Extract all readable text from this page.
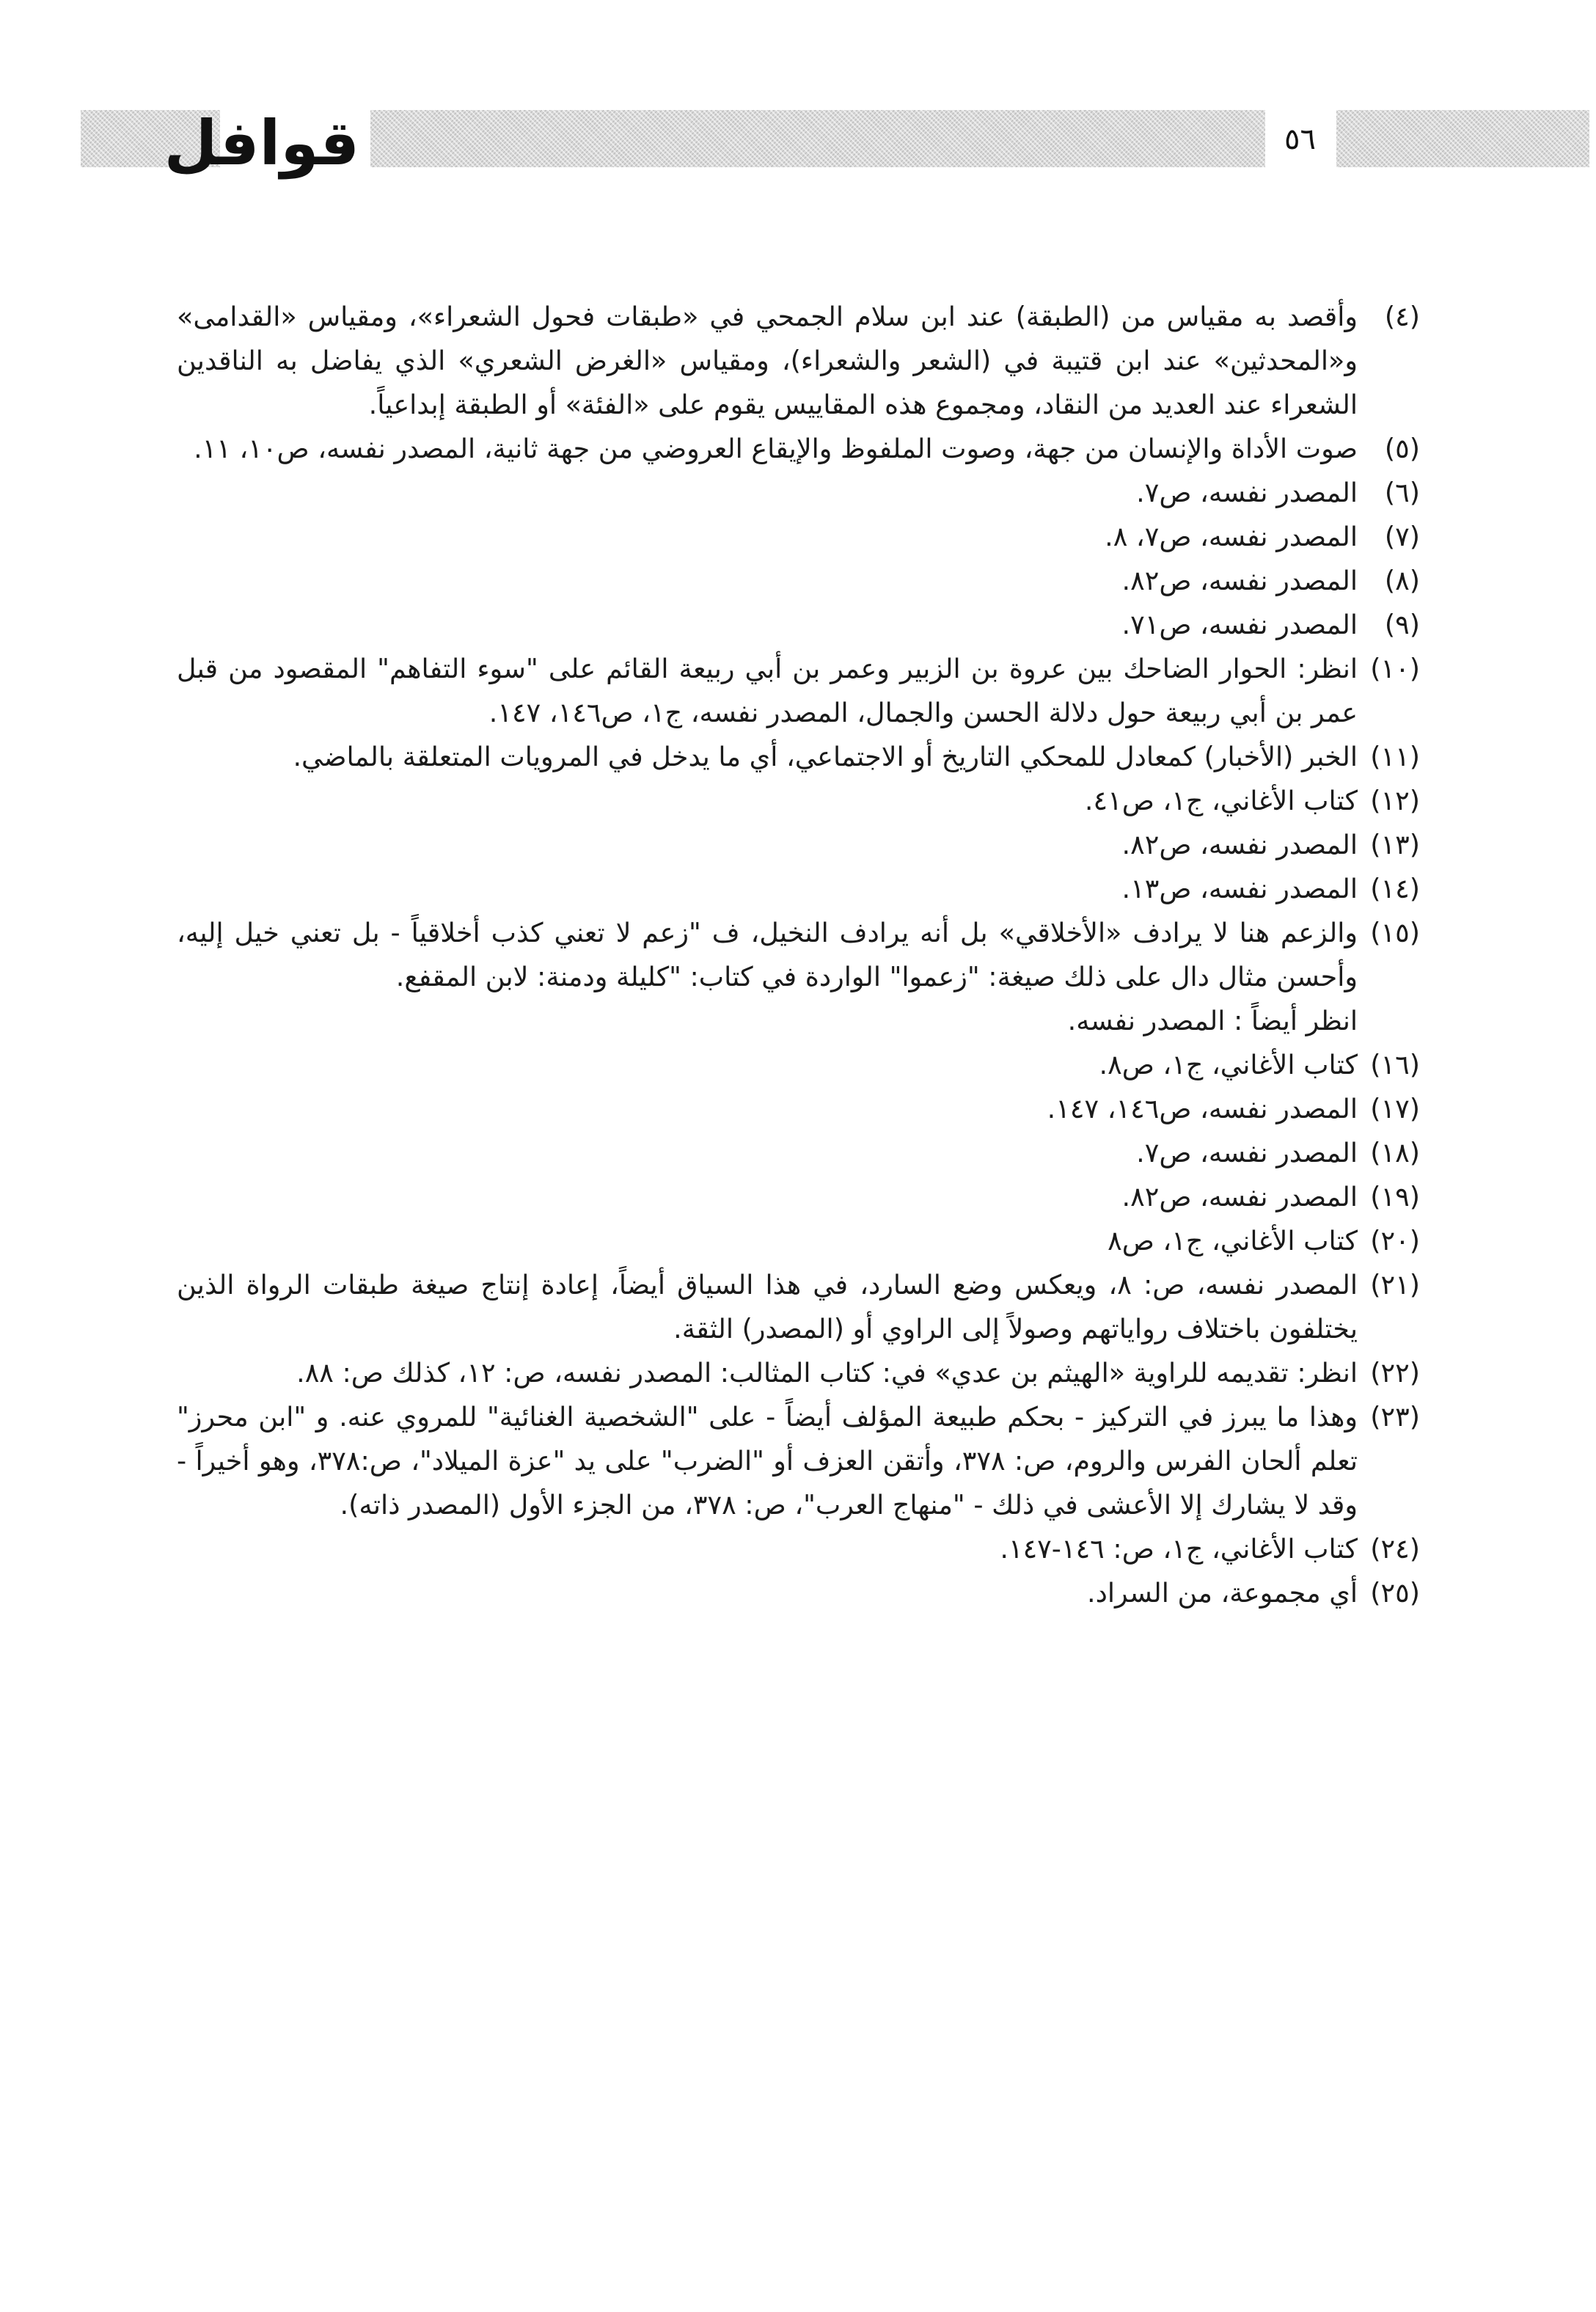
قوافل	٥٦
(٤)
وأقصد به مقياس من (الطبقة) عند ابن سلام الجمحي في «طبقات فحول الشعراء»، ومقياس «القدامى» و«المحدثين» عند ابن قتيبة في (الشعر والشعراء)، ومقياس «الغرض الشعري» الذي يفاضل به الناقدين الشعراء عند العديد من النقاد، ومجموع هذه المقاييس يقوم على «الفئة» أو الطبقة إبداعياً.
(٥)
صوت الأداة والإنسان من جهة، وصوت الملفوظ والإيقاع العروضي من جهة ثانية، المصدر نفسه، ص١٠، ١١.
(٦)
المصدر نفسه، ص٧.
(٧)
المصدر نفسه، ص٧، ٨.
(٨)
المصدر نفسه، ص٨٢.
(٩)
المصدر نفسه، ص٧١.
(١٠)
انظر: الحوار الضاحك بين عروة بن الزبير وعمر بن أبي ربيعة القائم على "سوء التفاهم" المقصود من قبل عمر بن أبي ربيعة حول دلالة الحسن والجمال، المصدر نفسه، ج١، ص١٤٦، ١٤٧.
(١١)
الخبر (الأخبار) كمعادل للمحكي التاريخ أو الاجتماعي، أي ما يدخل في المرويات المتعلقة بالماضي.
(١٢)
كتاب الأغاني، ج١، ص٤١.
(١٣)
المصدر نفسه، ص٨٢.
(١٤)
المصدر نفسه، ص١٣.
(١٥)
والزعم هنا لا يرادف «الأخلاقي» بل أنه يرادف النخيل، ف "زعم لا تعني كذب أخلاقياً - بل تعني خيل إليه، وأحسن مثال دال على ذلك صيغة: "زعموا" الواردة في كتاب: "كليلة ودمنة: لابن المقفع.
انظر أيضاً : المصدر نفسه.
(١٦)
كتاب الأغاني، ج١، ص٨.
(١٧)
المصدر نفسه، ص١٤٦، ١٤٧.
(١٨)
المصدر نفسه، ص٧.
(١٩)
المصدر نفسه، ص٨٢.
(٢٠)
كتاب الأغاني، ج١، ص٨
(٢١)
المصدر نفسه، ص: ٨، ويعكس وضع السارد، في هذا السياق أيضاً، إعادة إنتاج صيغة طبقات الرواة الذين يختلفون باختلاف رواياتهم وصولاً إلى الراوي أو (المصدر) الثقة.
(٢٢)
انظر: تقديمه للراوية «الهيثم بن عدي» في: كتاب المثالب: المصدر نفسه، ص: ١٢، كذلك ص: ٨٨.
(٢٣)
وهذا ما يبرز في التركيز - بحكم طبيعة المؤلف أيضاً - على "الشخصية الغنائية" للمروي عنه. و "ابن محرز" تعلم ألحان الفرس والروم، ص: ٣٧٨، وأتقن العزف أو "الضرب" على يد "عزة الميلاد"، ص:٣٧٨، وهو أخيراً - وقد لا يشارك إلا الأعشى في ذلك - "منهاج العرب"، ص: ٣٧٨، من الجزء الأول (المصدر ذاته).
(٢٤)
كتاب الأغاني، ج١، ص: ١٤٦-١٤٧.
(٢٥)
أي مجموعة، من السراد.
